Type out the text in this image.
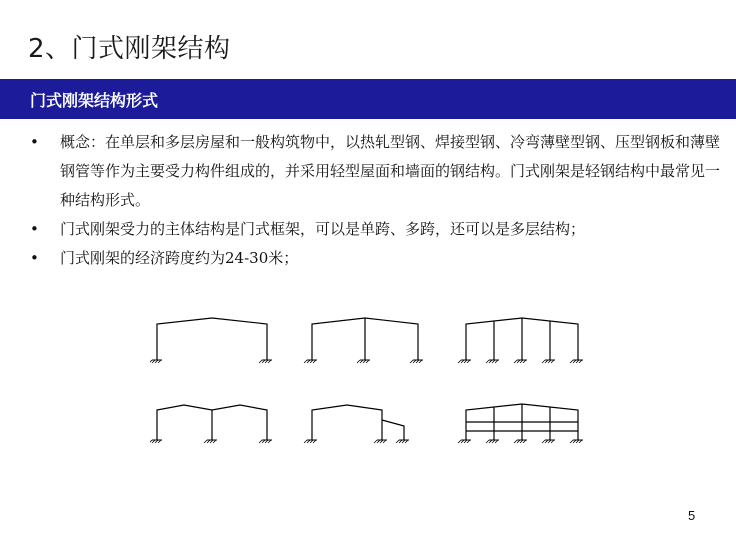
2、门式刚架结构
门式刚架结构形式
• 概念：在单层和多层房屋和一般构筑物中，以热轧型钢、焊接型钢、冷弯薄壁型钢、压型钢板和薄壁钢管等作为主要受力构件组成的，并采用轻型屋面和墙面的钢结构。门式刚架是轻钢结构中最常见一种结构形式。
• 门式刚架受力的主体结构是门式框架，可以是单跨、多跨，还可以是多层结构；
• 门式刚架的经济跨度约为24-30米；
5
